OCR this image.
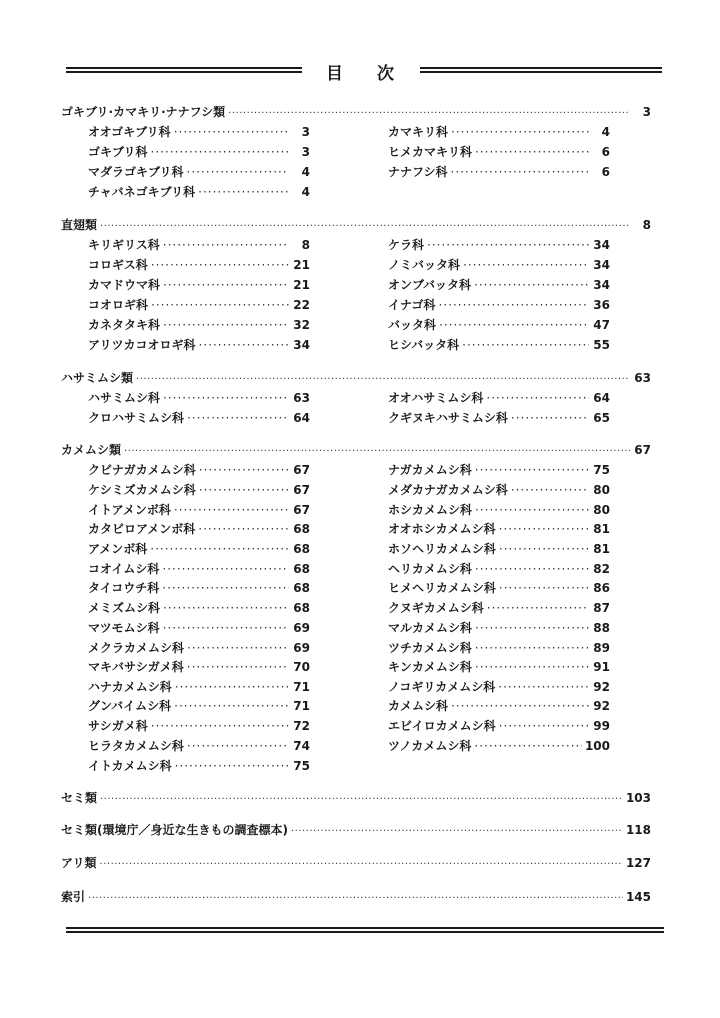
目 次
ゴキブリ·カマキリ·ナナフシ類 ·····	3
オオゴキブリ科 ·····	3
ゴキブリ科 ·····	3
マダラゴキブリ科 ·····	4
チャバネゴキブリ科 ·····	4
カマキリ科 ·····	4
ヒメカマキリ科 ·····	6
ナナフシ科 ·····	6
直翅類 ·····	8
キリギリス科 ·····	8
コロギス科 ·····	21
カマドウマ科 ·····	21
コオロギ科 ·····	22
カネタタキ科 ·····	32
アリツカコオロギ科 ·····	34
ケラ科 ·····	34
ノミバッタ科 ·····	34
オンブバッタ科 ·····	34
イナゴ科 ·····	36
バッタ科 ·····	47
ヒシバッタ科 ·····	55
ハサミムシ類 ·····	63
ハサミムシ科 ·····	63
クロハサミムシ科 ·····	64
オオハサミムシ科 ·····	64
クギヌキハサミムシ科 ·····	65
カメムシ類 ·····	67
クビナガカメムシ科 ·····	67
ケシミズカメムシ科 ·····	67
イトアメンボ科 ·····	67
カタビロアメンボ科 ·····	68
アメンボ科 ·····	68
コオイムシ科 ·····	68
タイコウチ科 ·····	68
メミズムシ科 ·····	68
マツモムシ科 ·····	69
メクラカメムシ科 ·····	69
マキバサシガメ科 ·····	70
ハナカメムシ科 ·····	71
グンバイムシ科 ·····	71
サシガメ科 ·····	72
ヒラタカメムシ科 ·····	74
イトカメムシ科 ·····	75
ナガカメムシ科 ·····	75
メダカナガカメムシ科 ·····	80
ホシカメムシ科 ·····	80
オオホシカメムシ科 ·····	81
ホソヘリカメムシ科 ·····	81
ヘリカメムシ科 ·····	82
ヒメヘリカメムシ科 ·····	86
クヌギカメムシ科 ·····	87
マルカメムシ科 ·····	88
ツチカメムシ科 ·····	89
キンカメムシ科 ·····	91
ノコギリカメムシ科 ·····	92
カメムシ科 ·····	92
エビイロカメムシ科 ·····	99
ツノカメムシ科 ·····	100
セミ類 ·····	103
セミ類(環境庁／身近な生きもの調査標本) ·····	118
アリ類 ·····	127
索引 ·····	145
